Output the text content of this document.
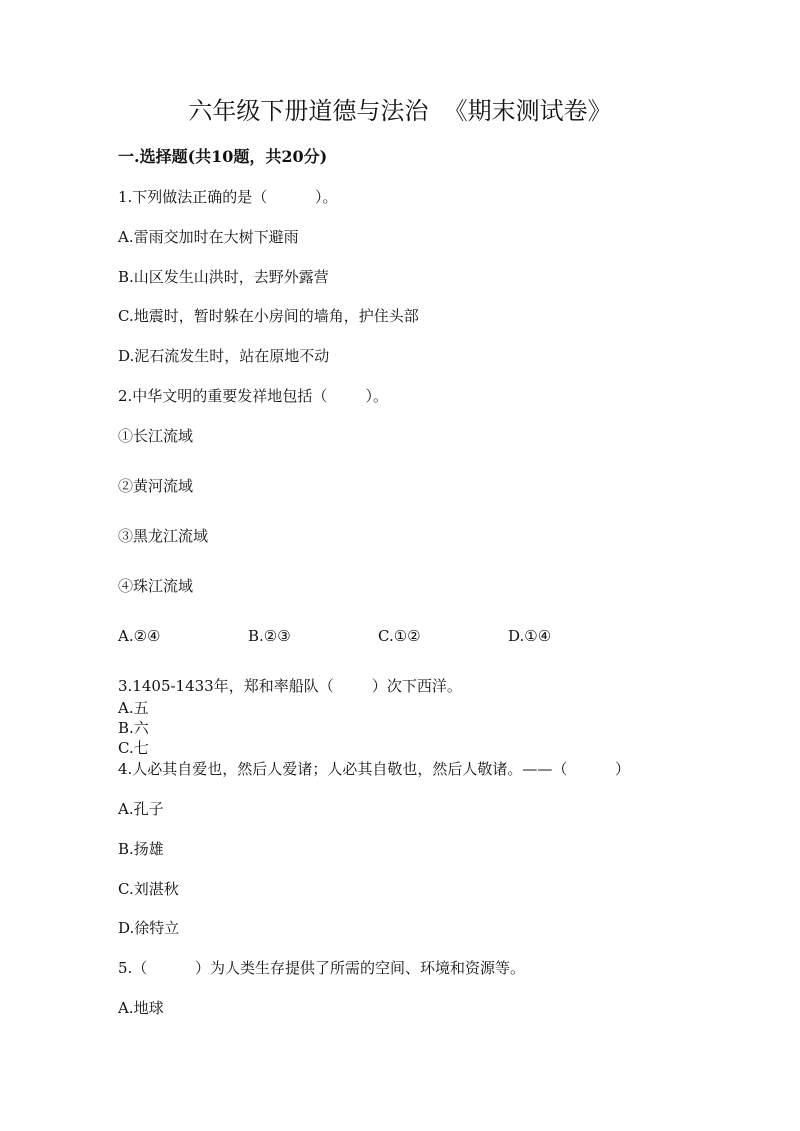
六年级下册道德与法治  《期末测试卷》
一.选择题(共10题，共20分)
1.下列做法正确的是（          ）。
A.雷雨交加时在大树下避雨
B.山区发生山洪时，去野外露营
C.地震时，暂时躲在小房间的墙角，护住头部
D.泥石流发生时，站在原地不动
2.中华文明的重要发祥地包括（        ）。
①长江流域
②黄河流域
③黑龙江流域
④珠江流域
A.②④	B.②③	C.①②	D.①④
3.1405-1433年，郑和率船队（        ）次下西洋。
A.五
B.六
C.七
4.人必其自爱也，然后人爱诸；人必其自敬也，然后人敬诸。——（          ）
A.孔子
B.扬雄
C.刘湛秋
D.徐特立
5.（          ）为人类生存提供了所需的空间、环境和资源等。
A.地球
